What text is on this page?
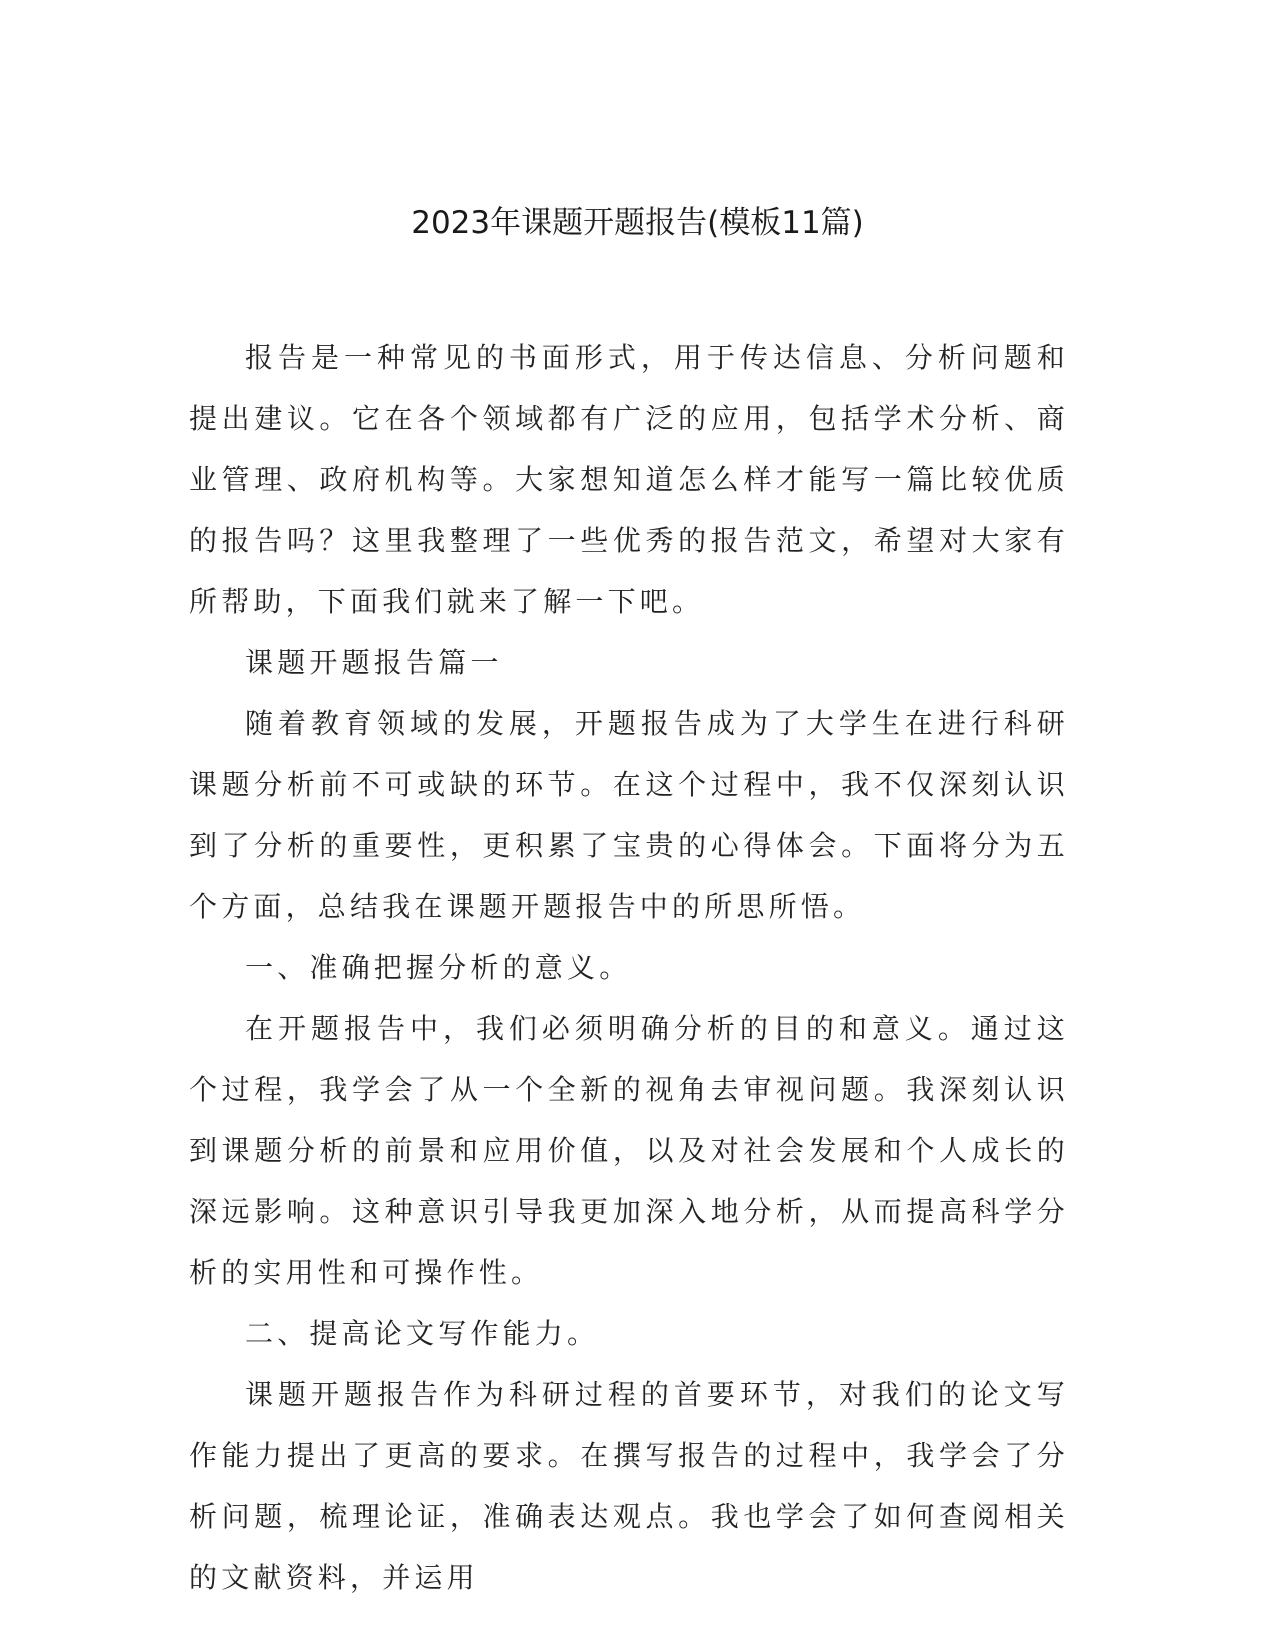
2023年课题开题报告(模板11篇)

报告是一种常见的书面形式，用于传达信息、分析问题和提出建议。它在各个领域都有广泛的应用，包括学术分析、商业管理、政府机构等。大家想知道怎么样才能写一篇比较优质的报告吗？这里我整理了一些优秀的报告范文，希望对大家有所帮助，下面我们就来了解一下吧。

课题开题报告篇一

随着教育领域的发展，开题报告成为了大学生在进行科研课题分析前不可或缺的环节。在这个过程中，我不仅深刻认识到了分析的重要性，更积累了宝贵的心得体会。下面将分为五个方面，总结我在课题开题报告中的所思所悟。

一、准确把握分析的意义。

在开题报告中，我们必须明确分析的目的和意义。通过这个过程，我学会了从一个全新的视角去审视问题。我深刻认识到课题分析的前景和应用价值，以及对社会发展和个人成长的深远影响。这种意识引导我更加深入地分析，从而提高科学分析的实用性和可操作性。

二、提高论文写作能力。

课题开题报告作为科研过程的首要环节，对我们的论文写作能力提出了更高的要求。在撰写报告的过程中，我学会了分析问题，梳理论证，准确表达观点。我也学会了如何查阅相关的文献资料，并运用
